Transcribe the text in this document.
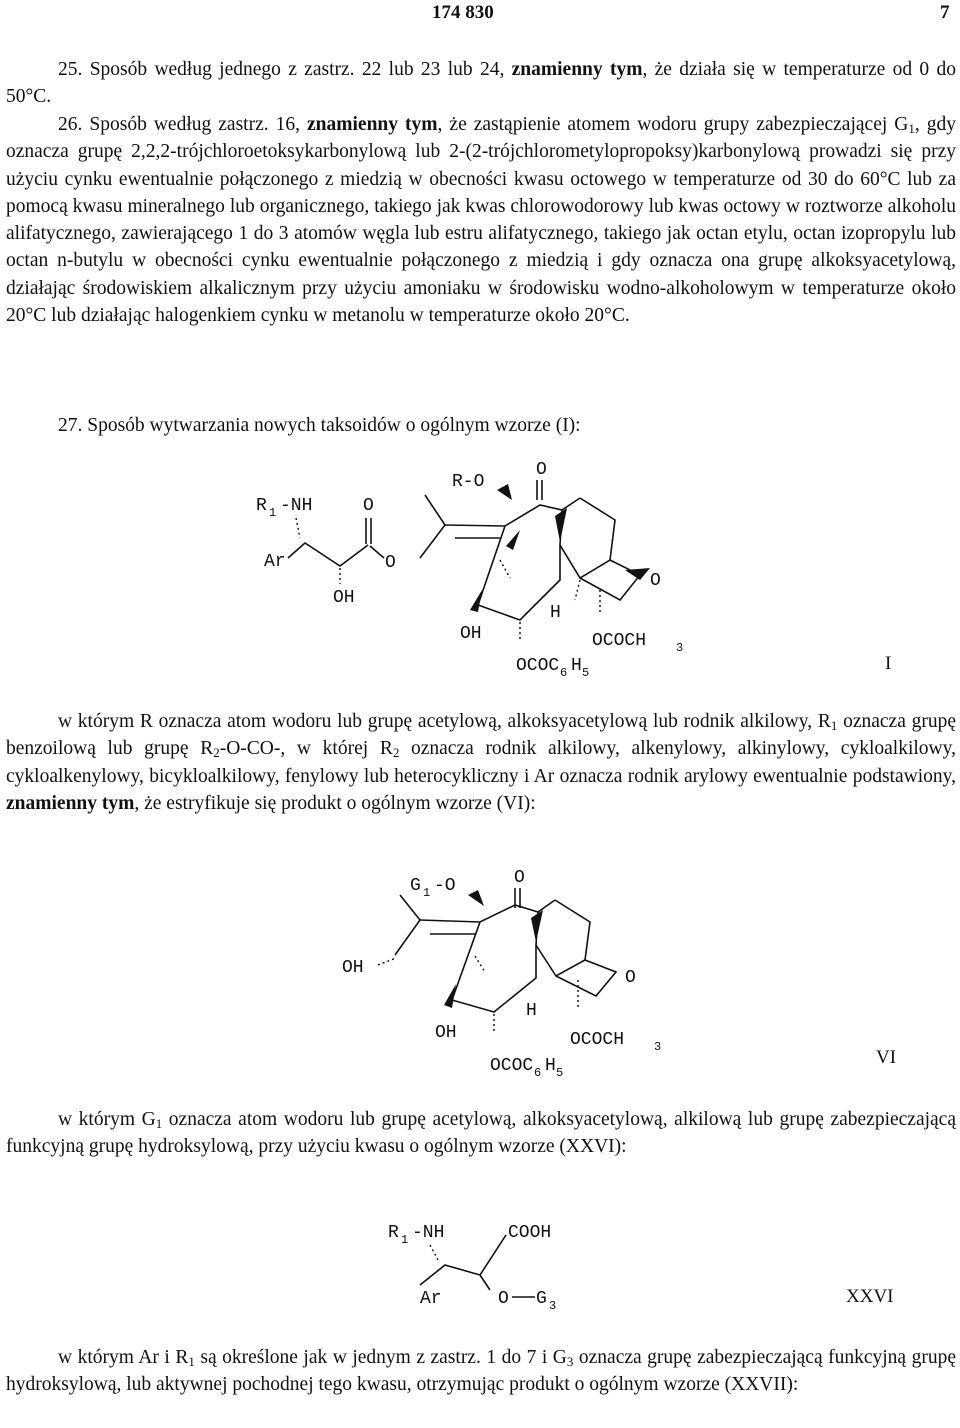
174 830	7

25. Sposób według jednego z zastrz. 22 lub 23 lub 24, znamienny tym, że działa się w temperaturze od 0 do 50°C.

26. Sposób według zastrz. 16, znamienny tym, że zastąpienie atomem wodoru grupy zabezpieczającej $G_1$, gdy oznacza grupę 2,2,2-trójchloroetoksykarbonylową lub 2-(2-trójchlorometylopropoksy)karbonylową prowadzi się przy użyciu cynku ewentualnie połączonego z miedzią w obecności kwasu octowego w temperaturze od 30 do 60°C lub za pomocą kwasu mineralnego lub organicznego, takiego jak kwas chlorowodorowy lub kwas octowy w roztworze alkoholu alifatycznego, zawierającego 1 do 3 atomów węgla lub estru alifatycznego, takiego jak octan etylu, octan izopropylu lub octan n-butylu w obecności cynku ewentualnie połączonego z miedzią i gdy oznacza ona grupę alkoksyacetylową, działając środowiskiem alkalicznym przy użyciu amoniaku w środowisku wodno-alkoholowym w temperaturze około 20°C lub działając halogenkiem cynku w metanolu w temperaturze około 20°C.

27. Sposób wytwarzania nowych taksoidów o ogólnym wzorze (I):

R 1 -NH	O
Ar
OH
O
R-O
O
O
H
OH	OCOCH 3
OCOC 6 H 5	I

w którym R oznacza atom wodoru lub grupę acetylową, alkoksyacetylową lub rodnik alkilowy, $R_1$ oznacza grupę benzoilową lub grupę $R_2-O-CO-$, w której $R_2$ oznacza rodnik alkilowy, alkenylowy, alkinylowy, cykloalkilowy, cykloalkenylowy, bicykloalkilowy, fenylowy lub heterocykliczny i Ar oznacza rodnik arylowy ewentualnie podstawiony, znamienny tym, że estryfikuje się produkt o ogólnym wzorze (VI):

G 1 -O	O
O
OH
H
OH	OCOCH 3
OCOC 6 H 5
VI

w którym $G_1$ oznacza atom wodoru lub grupę acetylową, alkoksyacetylową, alkilową lub grupę zabezpieczającą funkcyjną grupę hydroksylową, przy użyciu kwasu o ogólnym wzorze (XXVI):

R 1 -NH	COOH
Ar	O G 3	XXVI

w którym Ar i $R_1$ są określone jak w jednym z zastrz. 1 do 7 i $G_3$ oznacza grupę zabezpieczającą funkcyjną grupę hydroksylową, lub aktywnej pochodnej tego kwasu, otrzymując produkt o ogólnym wzorze (XXVII):
